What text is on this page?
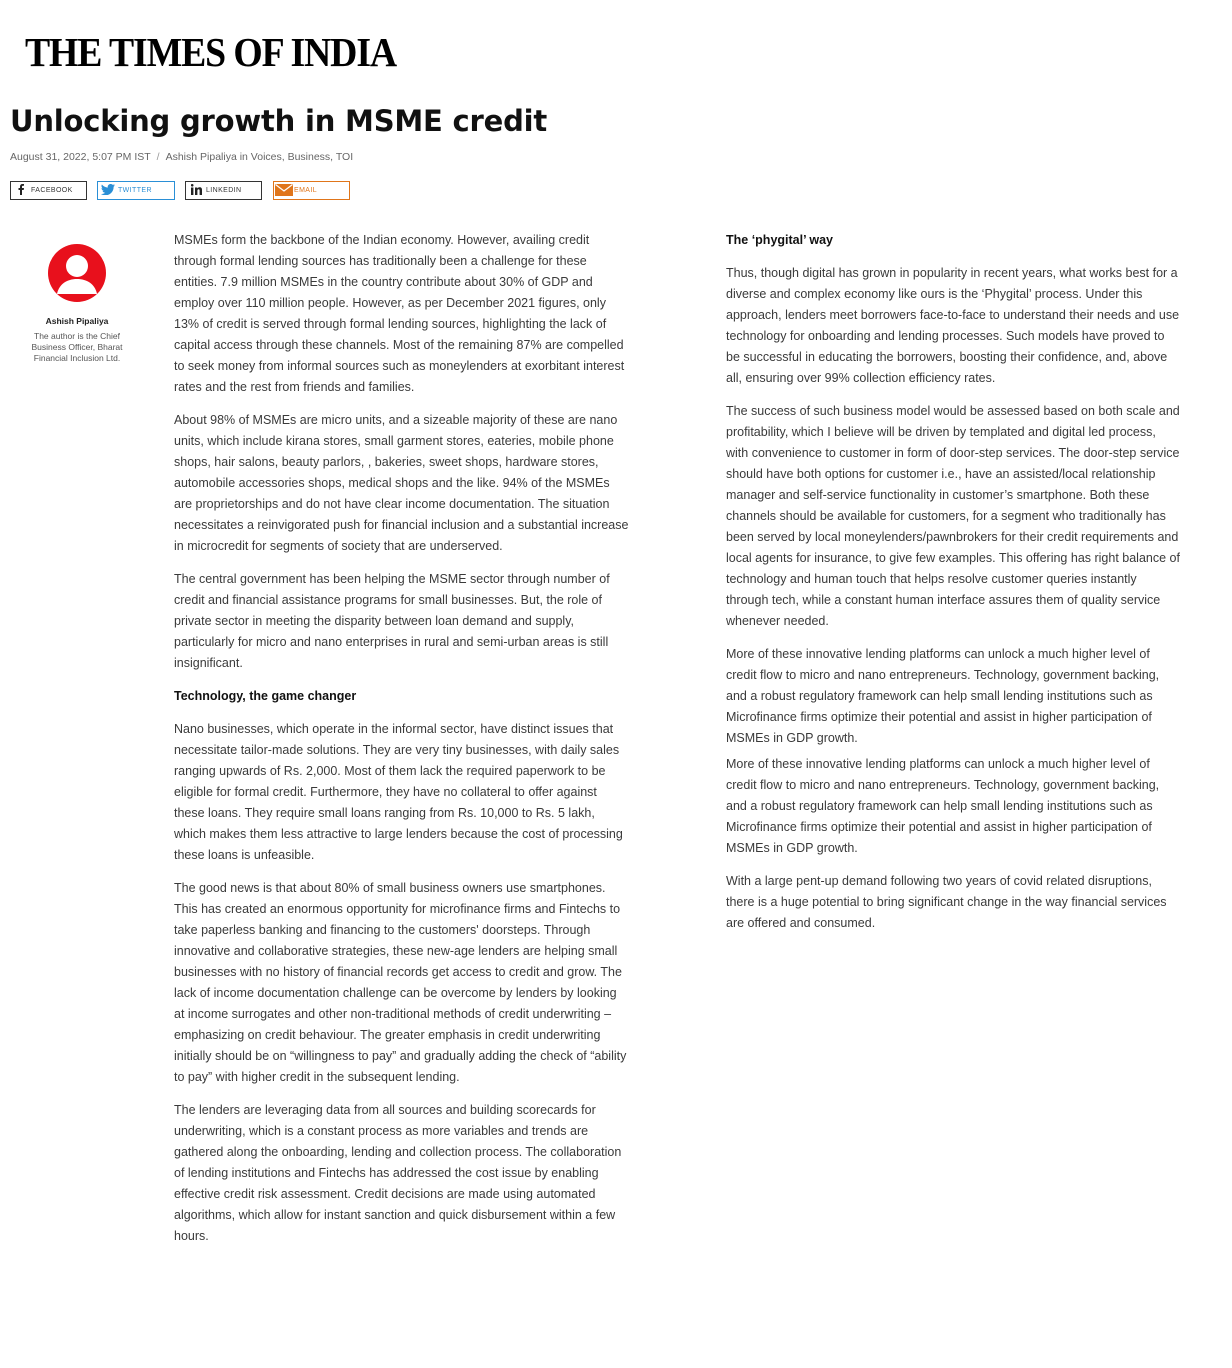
THE TIMES OF INDIA
Unlocking growth in MSME credit
August 31, 2022, 5:07 PM IST / Ashish Pipaliya in Voices, Business, TOI
FACEBOOK	TWITTER	LINKEDIN	EMAIL
Ashish Pipaliya
The author is the Chief Business Officer, Bharat Financial Inclusion Ltd.

MSMEs form the backbone of the Indian economy. However, availing credit through formal lending sources has traditionally been a challenge for these entities. 7.9 million MSMEs in the country contribute about 30% of GDP and employ over 110 million people. However, as per December 2021 figures, only 13% of credit is served through formal lending sources, highlighting the lack of capital access through these channels. Most of the remaining 87% are compelled to seek money from informal sources such as moneylenders at exorbitant interest rates and the rest from friends and families.

About 98% of MSMEs are micro units, and a sizeable majority of these are nano units, which include kirana stores, small garment stores, eateries, mobile phone shops, hair salons, beauty parlors, , bakeries, sweet shops, hardware stores, automobile accessories shops, medical shops and the like. 94% of the MSMEs are proprietorships and do not have clear income documentation. The situation necessitates a reinvigorated push for financial inclusion and a substantial increase in microcredit for segments of society that are underserved.

The central government has been helping the MSME sector through number of credit and financial assistance programs for small businesses. But, the role of private sector in meeting the disparity between loan demand and supply, particularly for micro and nano enterprises in rural and semi-urban areas is still insignificant.

Technology, the game changer

Nano businesses, which operate in the informal sector, have distinct issues that necessitate tailor-made solutions. They are very tiny businesses, with daily sales ranging upwards of Rs. 2,000. Most of them lack the required paperwork to be eligible for formal credit. Furthermore, they have no collateral to offer against these loans. They require small loans ranging from Rs. 10,000 to Rs. 5 lakh, which makes them less attractive to large lenders because the cost of processing these loans is unfeasible.

The good news is that about 80% of small business owners use smartphones. This has created an enormous opportunity for microfinance firms and Fintechs to take paperless banking and financing to the customers' doorsteps. Through innovative and collaborative strategies, these new-age lenders are helping small businesses with no history of financial records get access to credit and grow. The lack of income documentation challenge can be overcome by lenders by looking at income surrogates and other non-traditional methods of credit underwriting – emphasizing on credit behaviour. The greater emphasis in credit underwriting initially should be on “willingness to pay” and gradually adding the check of “ability to pay” with higher credit in the subsequent lending.

The lenders are leveraging data from all sources and building scorecards for underwriting, which is a constant process as more variables and trends are gathered along the onboarding, lending and collection process. The collaboration of lending institutions and Fintechs has addressed the cost issue by enabling effective credit risk assessment. Credit decisions are made using automated algorithms, which allow for instant sanction and quick disbursement within a few hours.

The ‘phygital’ way

Thus, though digital has grown in popularity in recent years, what works best for a diverse and complex economy like ours is the ‘Phygital’ process. Under this approach, lenders meet borrowers face-to-face to understand their needs and use technology for onboarding and lending processes. Such models have proved to be successful in educating the borrowers, boosting their confidence, and, above all, ensuring over 99% collection efficiency rates.

The success of such business model would be assessed based on both scale and profitability, which I believe will be driven by templated and digital led process, with convenience to customer in form of door-step services. The door-step service should have both options for customer i.e., have an assisted/local relationship manager and self-service functionality in customer’s smartphone. Both these channels should be available for customers, for a segment who traditionally has been served by local moneylenders/pawnbrokers for their credit requirements and local agents for insurance, to give few examples. This offering has right balance of technology and human touch that helps resolve customer queries instantly through tech, while a constant human interface assures them of quality service whenever needed.

More of these innovative lending platforms can unlock a much higher level of credit flow to micro and nano entrepreneurs. Technology, government backing, and a robust regulatory framework can help small lending institutions such as Microfinance firms optimize their potential and assist in higher participation of MSMEs in GDP growth.

More of these innovative lending platforms can unlock a much higher level of credit flow to micro and nano entrepreneurs. Technology, government backing, and a robust regulatory framework can help small lending institutions such as Microfinance firms optimize their potential and assist in higher participation of MSMEs in GDP growth.

With a large pent-up demand following two years of covid related disruptions, there is a huge potential to bring significant change in the way financial services are offered and consumed.
